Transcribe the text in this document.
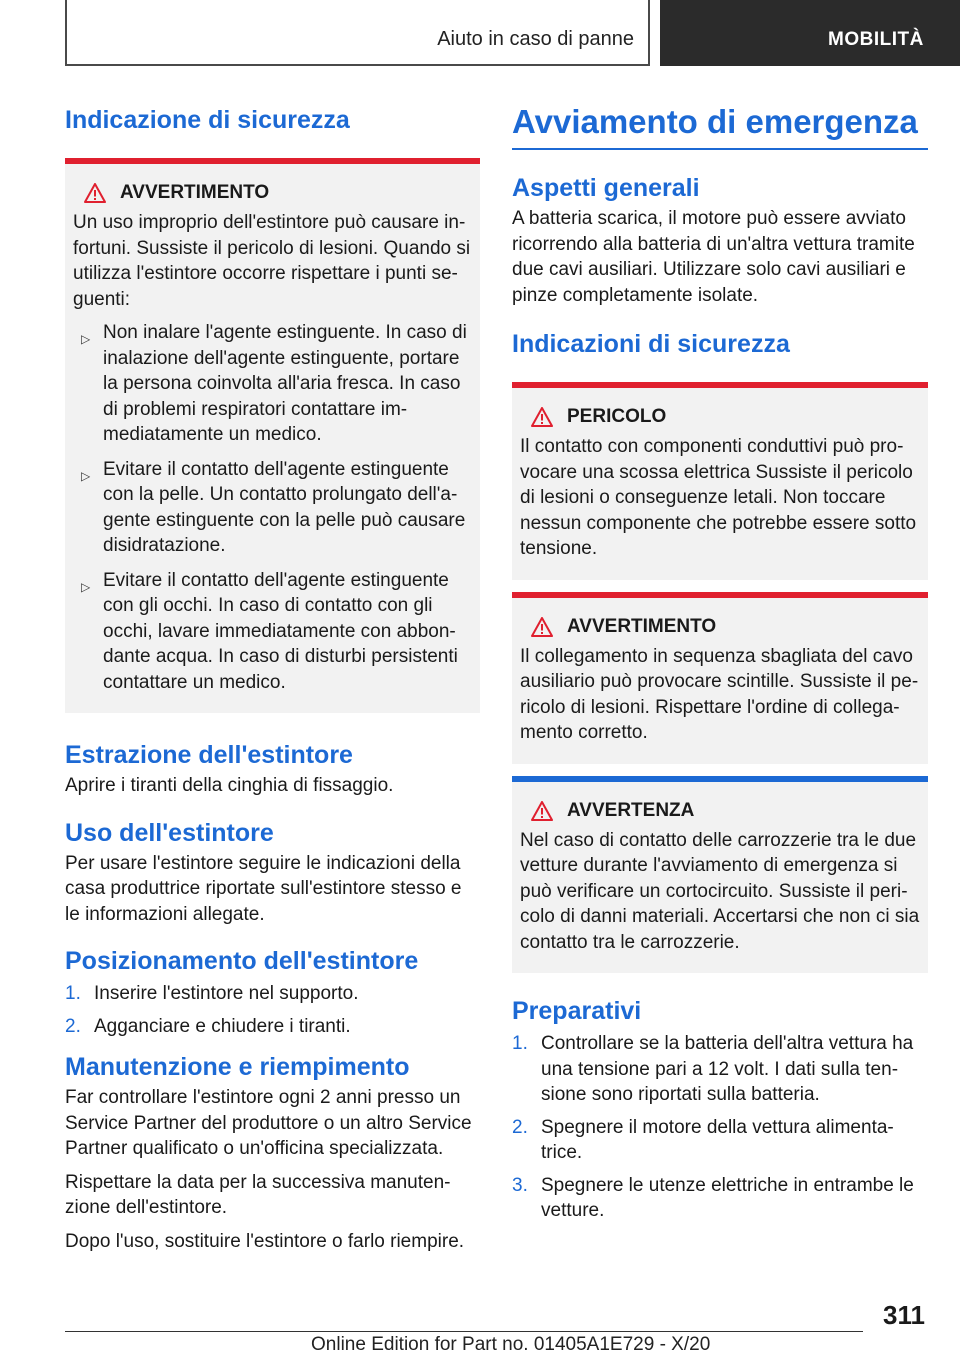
Aiuto in caso di panne	MOBILITÀ
Indicazione di sicurezza
AVVERTIMENTO

Un uso improprio dell'estintore può causare infortuni. Sussiste il pericolo di lesioni. Quando si utilizza l'estintore occorre rispettare i punti seguenti:

▷ Non inalare l'agente estinguente. In caso di inalazione dell'agente estinguente, portare la persona coinvolta all'aria fresca. In caso di problemi respiratori contattare immediatamente un medico.
▷ Evitare il contatto dell'agente estinguente con la pelle. Un contatto prolungato dell'agente estinguente con la pelle può causare disidratazione.
▷ Evitare il contatto dell'agente estinguente con gli occhi. In caso di contatto con gli occhi, lavare immediatamente con abbondante acqua. In caso di disturbi persistenti contattare un medico.
Estrazione dell'estintore

Aprire i tiranti della cinghia di fissaggio.

Uso dell'estintore

Per usare l'estintore seguire le indicazioni della casa produttrice riportate sull'estintore stesso e le informazioni allegate.

Posizionamento dell'estintore
1. Inserire l'estintore nel supporto.
2. Agganciare e chiudere i tiranti.
Manutenzione e riempimento

Far controllare l'estintore ogni 2 anni presso un Service Partner del produttore o un altro Service Partner qualificato o un'officina specializzata.

Rispettare la data per la successiva manutenzione dell'estintore.

Dopo l'uso, sostituire l'estintore o farlo riempire.

Avviamento di emergenza
Aspetti generali

A batteria scarica, il motore può essere avviato ricorrendo alla batteria di un'altra vettura tramite due cavi ausiliari. Utilizzare solo cavi ausiliari e pinze completamente isolate.

Indicazioni di sicurezza
PERICOLO

Il contatto con componenti conduttivi può provocare una scossa elettrica Sussiste il pericolo di lesioni o conseguenze letali. Non toccare nessun componente che potrebbe essere sotto tensione.

AVVERTIMENTO

Il collegamento in sequenza sbagliata del cavo ausiliario può provocare scintille. Sussiste il pericolo di lesioni. Rispettare l'ordine di collegamento corretto.

AVVERTENZA

Nel caso di contatto delle carrozzerie tra le due vetture durante l'avviamento di emergenza si può verificare un cortocircuito. Sussiste il pericolo di danni materiali. Accertarsi che non ci sia contatto tra le carrozzerie.

Preparativi
1. Controllare se la batteria dell'altra vettura ha una tensione pari a 12 volt. I dati sulla tensione sono riportati sulla batteria.
2. Spegnere il motore della vettura alimentatrice.
3. Spegnere le utenze elettriche in entrambe le vetture.
311
Online Edition for Part no. 01405A1E729 - X/20
